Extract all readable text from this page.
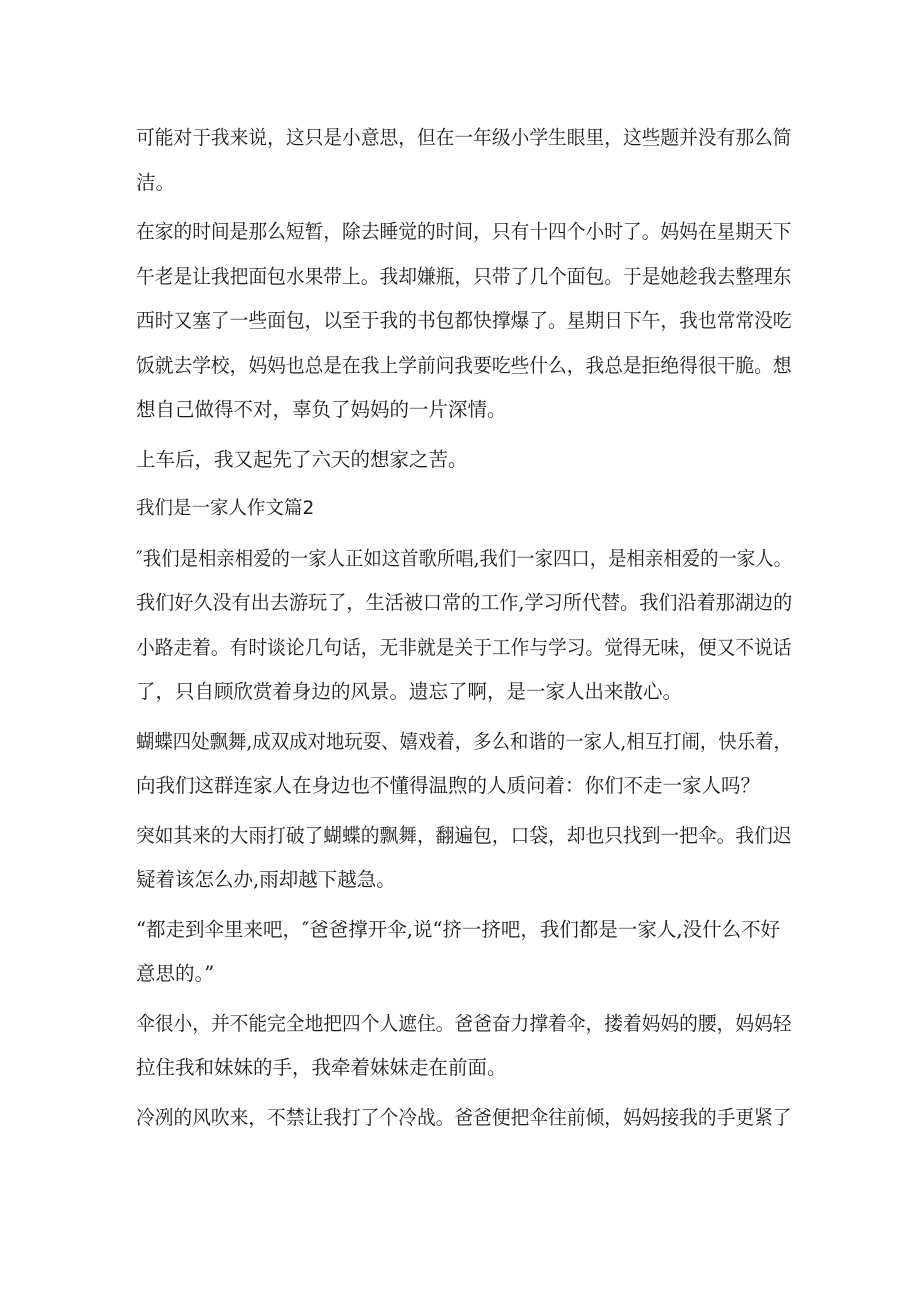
可能对于我来说，这只是小意思，但在一年级小学生眼里，这些题并没有那么简
洁。
在家的时间是那么短暂，除去睡觉的时间，只有十四个小时了。妈妈在星期天下
午老是让我把面包水果带上。我却嫌瓶，只带了几个面包。于是她趁我去整理东
西时又塞了一些面包，以至于我的书包都快撑爆了。星期日下午，我也常常没吃
饭就去学校，妈妈也总是在我上学前问我要吃些什么，我总是拒绝得很干脆。想
想自己做得不对，辜负了妈妈的一片深情。
上车后，我又起先了六天的想家之苦。
我们是一家人作文篇2
″我们是相亲相爱的一家人正如这首歌所唱,我们一家四口，是相亲相爱的一家人。
我们好久没有出去游玩了，生活被口常的工作,学习所代替。我们沿着那湖边的
小路走着。有时谈论几句话，无非就是关于工作与学习。觉得无味，便又不说话
了，只自顾欣赏着身边的风景。遗忘了啊，是一家人出来散心。
蝴蝶四处飘舞,成双成对地玩耍、嬉戏着，多么和谐的一家人,相互打闹，快乐着，
向我们这群连家人在身边也不懂得温煦的人质问着：你们不走一家人吗？
突如其来的大雨打破了蝴蝶的飘舞，翻遍包，口袋，却也只找到一把伞。我们迟
疑着该怎么办,雨却越下越急。
“都走到伞里来吧，″爸爸撑开伞,说“挤一挤吧，我们都是一家人,没什么不好
意思的。”
伞很小，并不能完全地把四个人遮住。爸爸奋力撑着伞，搂着妈妈的腰，妈妈轻
拉住我和妹妹的手，我牵着妹妹走在前面。
冷冽的风吹来，不禁让我打了个冷战。爸爸便把伞往前倾，妈妈接我的手更紧了
